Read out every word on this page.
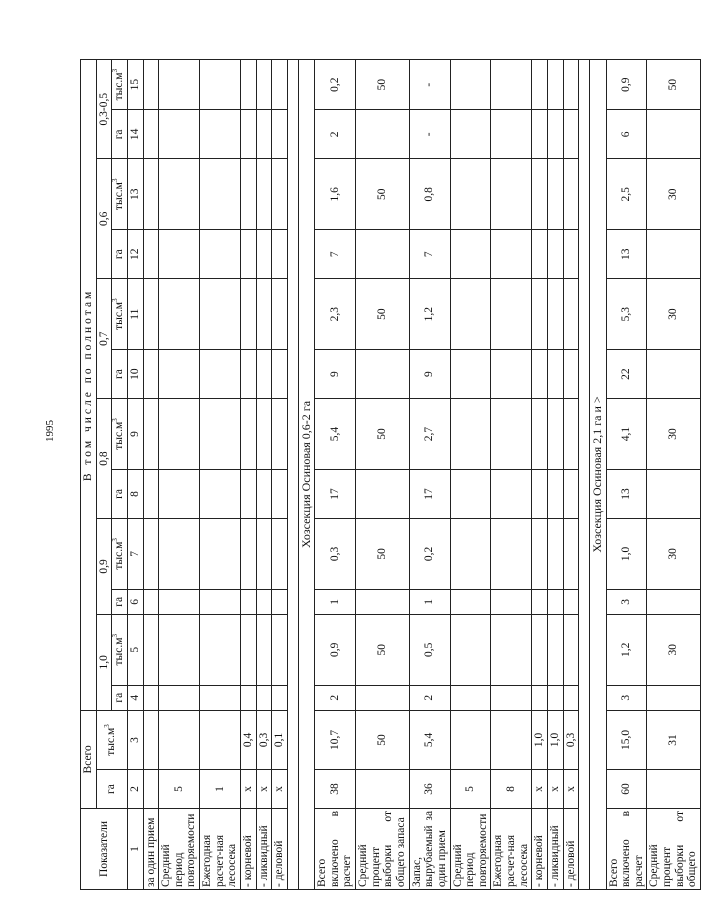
1995
Показатели	Всего		В том числе по полнотам											
	га	$тыс.м^3$	1,0		0,9		0,8		0,7		0,6		0,3-0,5	
			га	$тыс.м^3$	га	$тыс.м^3$	га	$тыс.м^3$	га	$тыс.м^3$	га	$тыс.м^3$	га	$тыс.м^3$
1	2	3	4	5	6	7	8	9	10	11	12	13	14	15
за один прием														
Средний период повторяемости	5													
Ежегодная расчет-ная лесосека	1													
- корневой	x	0,4												
- ликвидный	x	0,3												
- деловой	x	0,1												

Хозсекция Осиновая 0,6-2 га														
Всего включено в расчет	38	10,7	2	0,9	1	0,3	17	5,4	9	2,3	7	1,6	2	0,2
Средний процент выборки от общего запаса		50		50		50		50		50		50		50
Запас, вырубаемый за один прием	36	5,4	2	0,5	1	0,2	17	2,7	9	1,2	7	0,8	-	-
Средний период повторяемости	5													
Ежегодная расчет-ная лесосека	8													
- корневой	x	1,0												
- ликвидный	x	1,0												
- деловой	x	0,3												

Хозсекция Осиновая 2,1 га и >														
Всего включено в расчет	60	15,0	3	1,2	3	1,0	13	4,1	22	5,3	13	2,5	6	0,9
Средний процент выборки от общего		31		30		30		30		30		30		50
